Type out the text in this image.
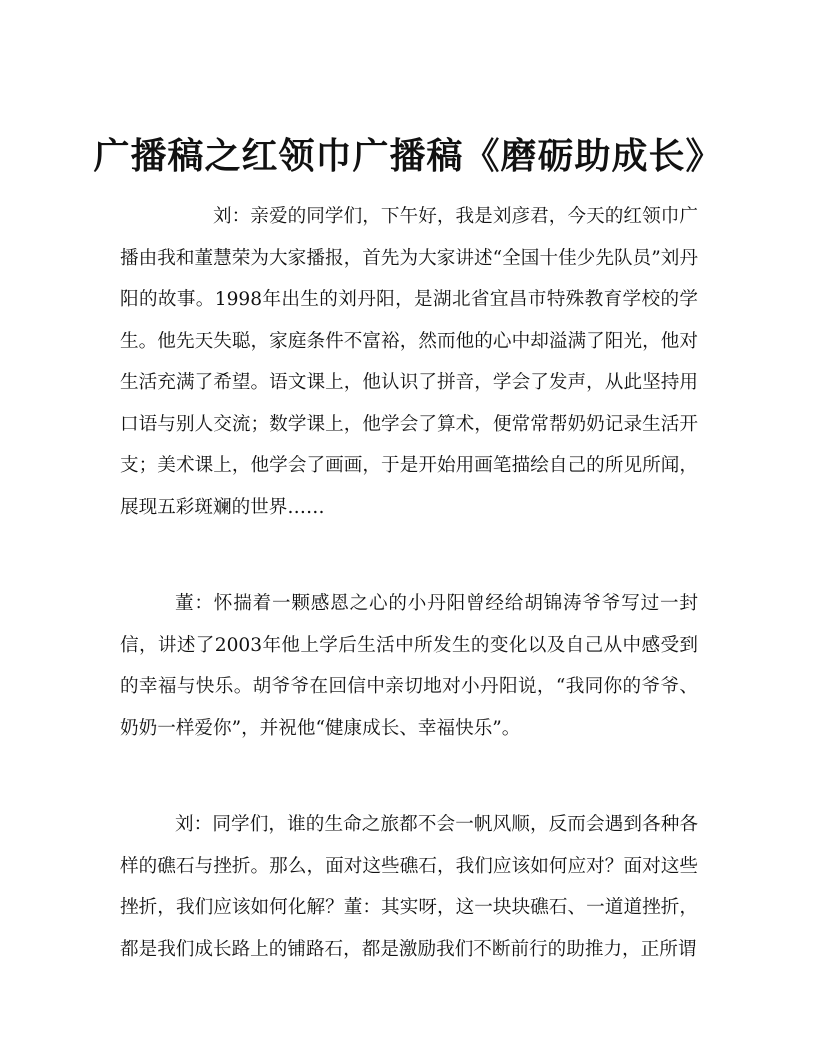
广播稿之红领巾广播稿《磨砺助成长》

刘：亲爱的同学们，下午好，我是刘彦君，今天的红领巾广播由我和董慧荣为大家播报，首先为大家讲述“全国十佳少先队员”刘丹阳的故事。1998年出生的刘丹阳，是湖北省宜昌市特殊教育学校的学生。他先天失聪，家庭条件不富裕，然而他的心中却溢满了阳光，他对生活充满了希望。语文课上，他认识了拼音，学会了发声，从此坚持用口语与别人交流；数学课上，他学会了算术，便常常帮奶奶记录生活开支；美术课上，他学会了画画，于是开始用画笔描绘自己的所见所闻，展现五彩斑斓的世界……

董：怀揣着一颗感恩之心的小丹阳曾经给胡锦涛爷爷写过一封信，讲述了2003年他上学后生活中所发生的变化以及自己从中感受到的幸福与快乐。胡爷爷在回信中亲切地对小丹阳说，“我同你的爷爷、奶奶一样爱你”，并祝他“健康成长、幸福快乐”。

刘：同学们，谁的生命之旅都不会一帆风顺，反而会遇到各种各样的礁石与挫折。那么，面对这些礁石，我们应该如何应对？面对这些挫折，我们应该如何化解？董：其实呀，这一块块礁石、一道道挫折，都是我们成长路上的铺路石，都是激励我们不断前行的助推力，正所谓
